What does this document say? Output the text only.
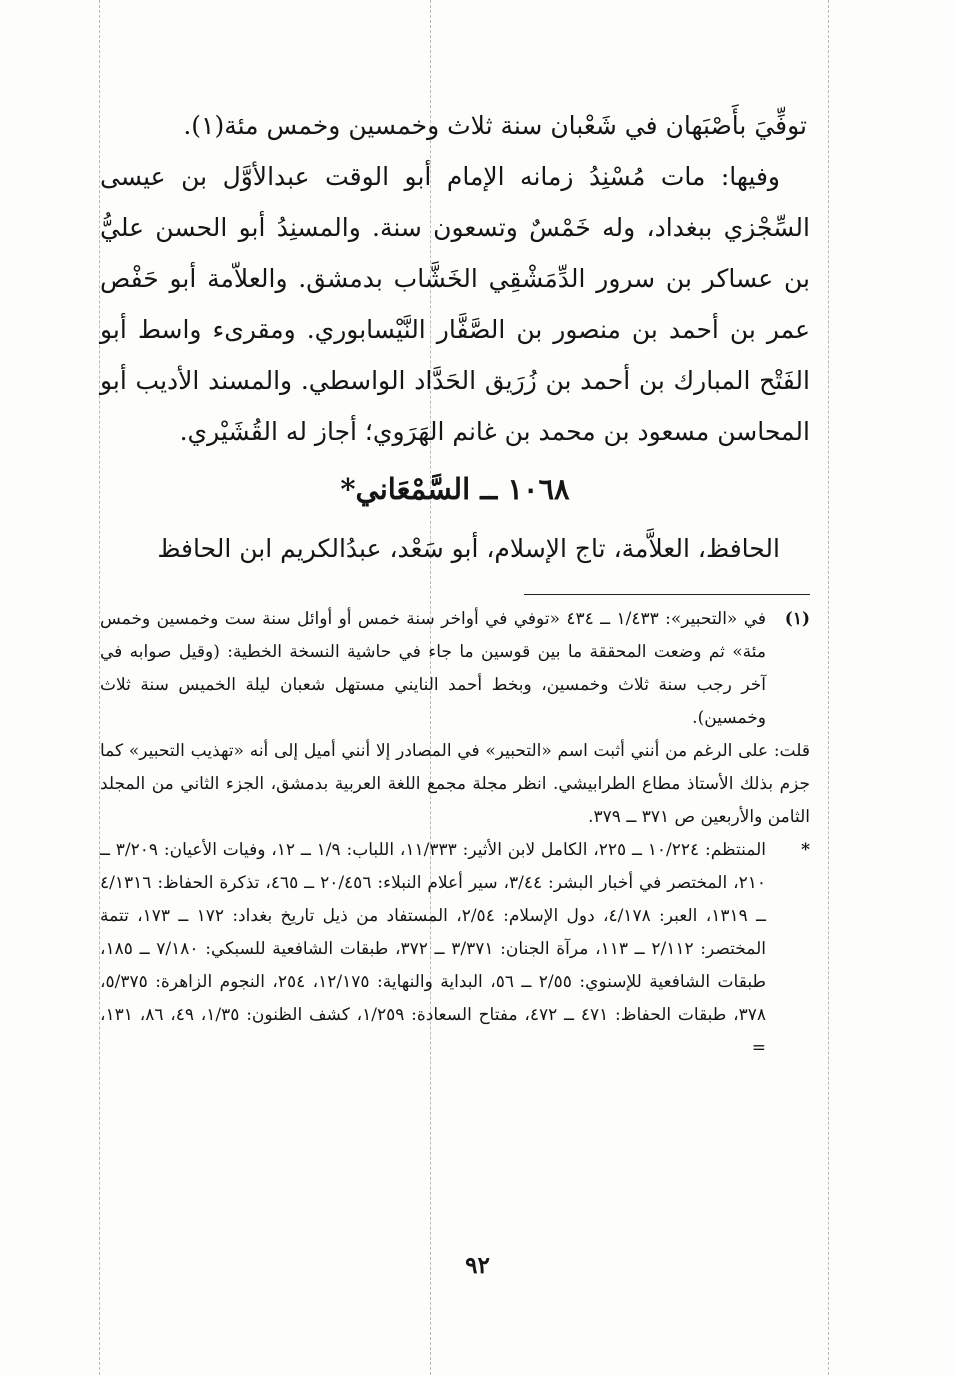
توفِّيَ بأَصْبَهان في شَعْبان سنة ثلاث وخمسين وخمس مئة(١).

وفيها: مات مُسْنِدُ زمانه الإمام أبو الوقت عبدالأوَّل بن عيسى السِّجْزي ببغداد، وله خَمْسٌ وتسعون سنة. والمسنِدُ أبو الحسن عليُّ بن عساكر بن سرور الدِّمَشْقِي الخَشَّاب بدمشق. والعلاّمة أبو حَفْص عمر بن أحمد بن منصور بن الصَّفَّار النَّيْسابوري. ومقرىء واسط أبو الفَتْح المبارك بن أحمد بن زُرَيق الحَدَّاد الواسطي. والمسند الأديب أبو المحاسن مسعود بن محمد بن غانم الهَرَوي؛ أجاز له القُشَيْري.

١٠٦٨ ــ السَّمْعَاني*

الحافظ، العلاَّمة، تاج الإسلام، أبو سَعْد، عبدُالكريم ابن الحافظ

(١)
في «التحبير»: ١/٤٣٣ ــ ٤٣٤ «توفي في أواخر سنة خمس أو أوائل سنة ست وخمسين وخمس مئة» ثم وضعت المحققة ما بين قوسين ما جاء في حاشية النسخة الخطية: (وقيل صوابه في آخر رجب سنة ثلاث وخمسين، وبخط أحمد النايني مستهل شعبان ليلة الخميس سنة ثلاث وخمسين).

قلت: على الرغم من أنني أثبت اسم «التحبير» في المصادر إلا أنني أميل إلى أنه «تهذيب التحبير» كما جزم بذلك الأستاذ مطاع الطرابيشي. انظر مجلة مجمع اللغة العربية بدمشق، الجزء الثاني من المجلد الثامن والأربعين ص ٣٧١ ــ ٣٧٩.

*
المنتظم: ١٠/٢٢٤ ــ ٢٢٥، الكامل لابن الأثير: ١١/٣٣٣، اللباب: ١/٩ ــ ١٢، وفيات الأعيان: ٣/٢٠٩ ــ ٢١٠، المختصر في أخبار البشر: ٣/٤٤، سير أعلام النبلاء: ٢٠/٤٥٦ ــ ٤٦٥، تذكرة الحفاظ: ٤/١٣١٦ ــ ١٣١٩، العبر: ٤/١٧٨، دول الإسلام: ٢/٥٤، المستفاد من ذيل تاريخ بغداد: ١٧٢ ــ ١٧٣، تتمة المختصر: ٢/١١٢ ــ ١١٣، مرآة الجنان: ٣/٣٧١ ــ ٣٧٢، طبقات الشافعية للسبكي: ٧/١٨٠ ــ ١٨٥، طبقات الشافعية للإسنوي: ٢/٥٥ ــ ٥٦، البداية والنهاية: ١٢/١٧٥، ٢٥٤، النجوم الزاهرة: ٥/٣٧٥، ٣٧٨، طبقات الحفاظ: ٤٧١ ــ ٤٧٢، مفتاح السعادة: ١/٢٥٩، كشف الظنون: ١/٣٥، ٤٩، ٨٦، ١٣١، =

٩٢
